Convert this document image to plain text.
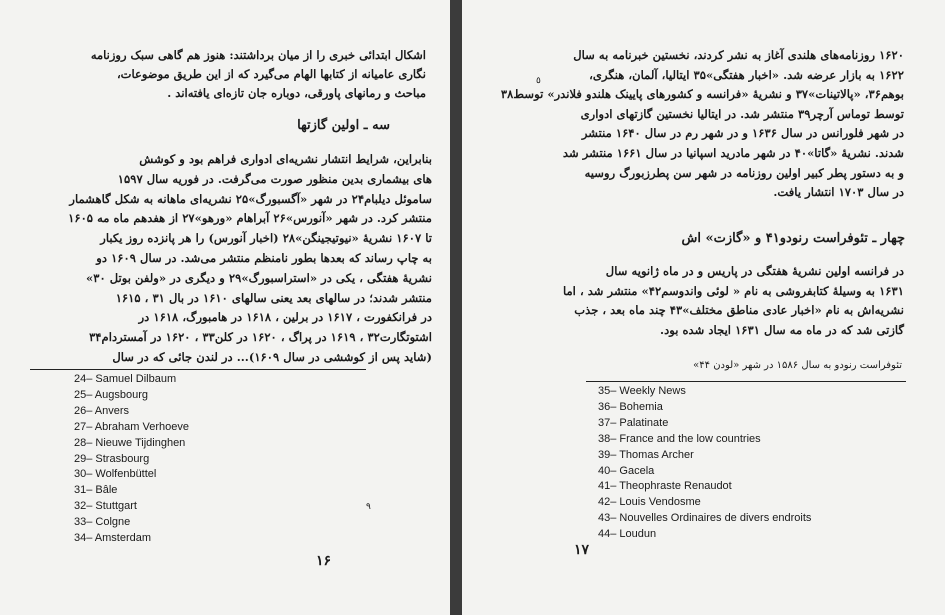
اشکال ابتدائی خبری را از میان برداشتند: هنوز هم گاهی سبک روزنامه‌
نگاری عامیانه از کتابها الهام می‌گیرد که از این طریق موضوعات،
مباحث و رمانهای پاورقی، دوباره جان تازه‌ای یافته‌اند .
سه ـ اولین گازتها
بنابراین، شرایط انتشار نشریه‌ای ادواری فراهم بود و کوشش
های بیشماری بدین منظور صورت می‌گرفت. در فوریه سال ۱۵۹۷
ساموئل دیلبام۲۴ در شهر «آگسبورگ»۲۵ نشریه‌ای ماهانه به شکل گاهشمار
منتشر کرد. در شهر «آنورس»۲۶ آبراهام «ورهو»۲۷ از هفدهم ماه مه ۱۶۰۵
تا ۱۶۰۷ نشریهٔ «نیوتیجینگن»۲۸ (اخبار آنورس) را هر پانزده روز یکبار
به چاپ رساند که بعدها بطور نامنظم منتشر می‌شد. در سال ۱۶۰۹ دو
نشریهٔ هفتگی ، یکی در «استراسبورگ»۲۹ و دیگری در «ولفن بوتل ۳۰»
منتشر شدند؛ در سالهای بعد یعنی سالهای ۱۶۱۰ در بال ۳۱ ، ۱۶۱۵
در فرانکفورت ، ۱۶۱۷ در برلین ، ۱۶۱۸ در هامبورگ، ۱۶۱۸ در
اشتوتگارت۳۲ ، ۱۶۱۹ در پراگ ، ۱۶۲۰ در کلن۳۳ ، ۱۶۲۰ در آمستردام۳۴
(شاید پس از کوششی در سال ۱۶۰۹)... در لندن جائی که در سال
24– Samuel Dilbaum
25– Augsbourg
26– Anvers
27– Abraham Verhoeve
28– Nieuwe Tijdinghen
29– Strasbourg
30– Wolfenbüttel
31– Bâle
32– Stuttgart
33– Colgne
34– Amsterdam
٩
۱۶
٥
۱۶۲۰ روزنامه‌های هلندی آغاز به نشر کردند، نخستین خبرنامه به سال
۱۶۲۲ به بازار عرضه شد. «اخبار هفتگی»۳۵ ایتالیا، آلمان، هنگری،
بوهم۳۶، «پالاتینات»۳۷ و نشریهٔ «فرانسه و کشورهای پایینک هلندو فلاندر» توسط۳۸
توسط توماس آرچر۳۹ منتشر شد. در ایتالیا نخستین گازتهای ادواری
در شهر فلورانس در سال ۱۶۳۶ و در شهر رم در سال ۱۶۴۰ منتشر
شدند. نشریهٔ «گاتا»۴۰ در شهر مادرید اسپانیا در سال ۱۶۶۱ منتشر شد
و به دستور پطر کبیر اولین روزنامه در شهر سن پطرزبورگ روسیه
در سال ۱۷۰۳ انتشار یافت.
چهار ـ تئوفراست رنودو۴۱ و «گازت» اش
در فرانسه اولین نشریهٔ هفتگی در پاریس و در ماه ژانویه سال
۱۶۳۱ به وسیلهٔ کتابفروشی به نام « لوئی واندوسم۴۲» منتشر شد ، اما
نشریه‌اش به نام «اخبار عادی مناطق مختلف»۴۳ چند ماه بعد ، جذب
گازتی شد که در ماه مه سال ۱۶۳۱ ایجاد شده بود.
تئوفراست رنودو به سال ۱۵۸۶ در شهر «لودن ۴۴»
35– Weekly News
36– Bohemia
37– Palatinate
38– France and the low countries
39– Thomas Archer
40– Gacela
41– Theophraste Renaudot
42– Louis Vendosme
43– Nouvelles Ordinaires de divers endroits
44– Loudun
۱۷
